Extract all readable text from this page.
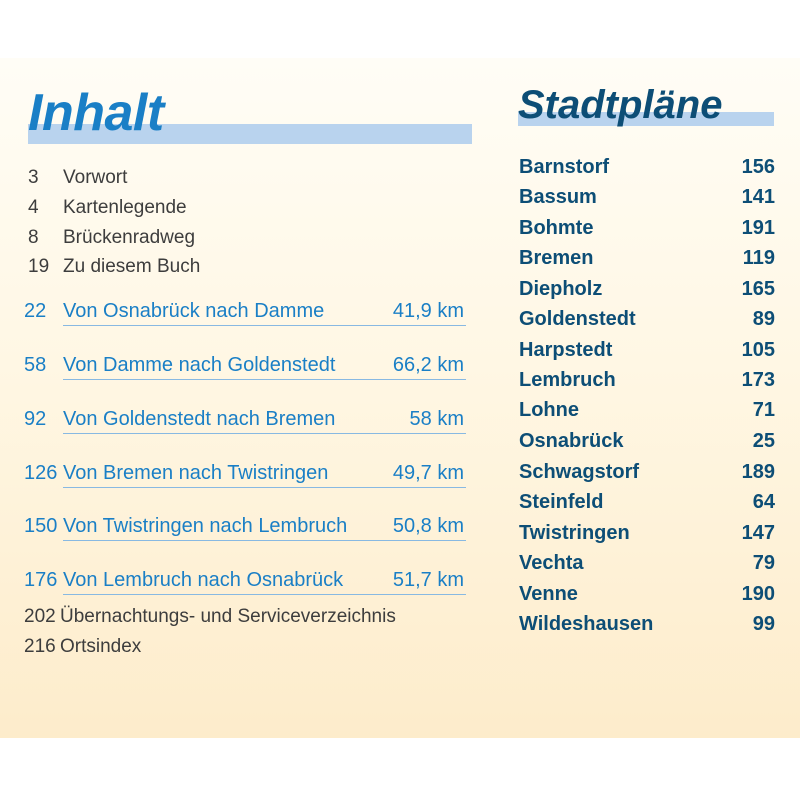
Inhalt
3 Vorwort
4 Kartenlegende
8 Brückenradweg
19 Zu diesem Buch
22 Von Osnabrück nach Damme	41,9 km
58 Von Damme nach Goldenstedt	66,2 km
92 Von Goldenstedt nach Bremen	58 km
126 Von Bremen nach Twistringen	49,7 km
150 Von Twistringen nach Lembruch 50,8 km
176 Von Lembruch nach Osnabrück 51,7 km
202 Übernachtungs- und Serviceverzeichnis
216 Ortsindex
Stadtpläne
Barnstorf	156
Bassum	141
Bohmte	191
Bremen	119
Diepholz	165
Goldenstedt	89
Harpstedt	105
Lembruch	173
Lohne	71
Osnabrück	25
Schwagstorf	189
Steinfeld	64
Twistringen	147
Vechta	79
Venne	190
Wildeshausen	99
